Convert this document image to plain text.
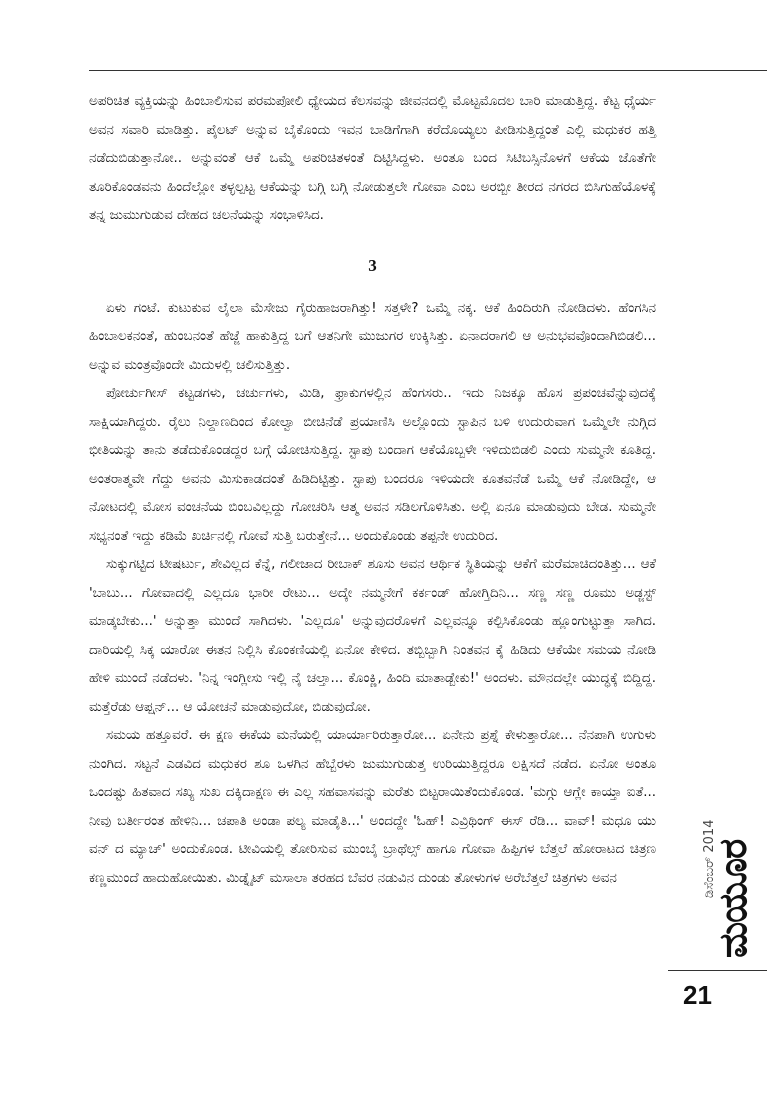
ಅಪರಿಚಿತ ವ್ಯಕ್ತಿಯನ್ನು ಹಿಂಬಾಲಿಸುವ ಪರಮಪೋಲಿ ಧ್ಯೇಯದ ಕೆಲಸವನ್ನು ಜೀವನದಲ್ಲಿ ಮೊಟ್ಟಮೊದಲ ಬಾರಿ ಮಾಡುತ್ತಿದ್ದ. ಕೆಟ್ಟ ಧೈರ್ಯ ಅವನ ಸವಾರಿ ಮಾಡಿತ್ತು. ಪೈಲಟ್ ಅನ್ನುವ ಬೈಕೊಂದು ಇವನ ಬಾಡಿಗೆಗಾಗಿ ಕರೆದೊಯ್ಯಲು ಪೀಡಿಸುತ್ತಿದ್ದಂತೆ ಎಲ್ಲಿ ಮಧುಕರ ಹತ್ತಿ ನಡೆದುಬಿಡುತ್ತಾನೋ.. ಅನ್ನುವಂತೆ ಆಕೆ ಒಮ್ಮೆ ಅಪರಿಚಿತಳಂತೆ ದಿಟ್ಟಿಸಿದ್ದಳು. ಅಂತೂ ಬಂದ ಸಿಟಿಬಸ್ಸಿನೊಳಗೆ ಆಕೆಯ ಜೊತೆಗೇ ತೂರಿಕೊಂಡವನು ಹಿಂದೆಲ್ಲೋ ತಳ್ಳಲ್ಪಟ್ಟ ಆಕೆಯನ್ನು ಬಗ್ಗಿ ಬಗ್ಗಿ ನೋಡುತ್ತಲೇ ಗೋವಾ ಎಂಬ ಅರಬ್ಬೀ ತೀರದ ನಗರದ ಬಿಸಿಗುಹೆಯೊಳಕ್ಕೆ ತನ್ನ ಜುಮುಗುಡುವ ದೇಹದ ಚಲನೆಯನ್ನು ಸಂಭಾಳಿಸಿದ.

3

ಏಳು ಗಂಟೆ. ಕುಟುಕುವ ಲೈಲಾ ಮೆಸೇಜು ಗೈರುಹಾಜರಾಗಿತ್ತು! ಸತ್ತಳೇ? ಒಮ್ಮೆ ನಕ್ಕ. ಆಕೆ ಹಿಂದಿರುಗಿ ನೋಡಿದಳು. ಹೆಂಗಸಿನ ಹಿಂಬಾಲಕನಂತೆ, ಹುಂಬನಂತೆ ಹೆಜ್ಜೆ ಹಾಕುತ್ತಿದ್ದ ಬಗೆ ಆತನಿಗೇ ಮುಜುಗರ ಉಕ್ಕಿಸಿತ್ತು. ಏನಾದರಾಗಲಿ ಆ ಅನುಭವವೊಂದಾಗಿಬಿಡಲಿ... ಅನ್ನುವ ಮಂತ್ರವೊಂದೇ ಮಿದುಳಲ್ಲಿ ಚಲಿಸುತ್ತಿತ್ತು.

ಪೋರ್ಚುಗೀಸ್ ಕಟ್ಟಡಗಳು, ಚರ್ಚುಗಳು, ಮಿಡಿ, ಫ್ರಾಕುಗಳಲ್ಲಿನ ಹೆಂಗಸರು.. ಇದು ನಿಜಕ್ಕೂ ಹೊಸ ಪ್ರಪಂಚವೆನ್ನುವುದಕ್ಕೆ ಸಾಕ್ಷಿಯಾಗಿದ್ದರು. ರೈಲು ನಿಲ್ದಾಣದಿಂದ ಕೋಲ್ವಾ ಬೀಚಿನೆಡೆ ಪ್ರಯಾಣಿಸಿ ಅಲ್ಲೊಂದು ಸ್ಟಾಪಿನ ಬಳಿ ಉದುರುವಾಗ ಒಮ್ಮೆಲೇ ನುಗ್ಗಿದ ಭೀತಿಯನ್ನು ತಾನು ತಡೆದುಕೊಂಡದ್ದರ ಬಗ್ಗೆ ಯೋಚಿಸುತ್ತಿದ್ದ. ಸ್ಟಾಪು ಬಂದಾಗ ಆಕೆಯೊಬ್ಬಳೇ ಇಳಿದುಬಿಡಲಿ ಎಂದು ಸುಮ್ಮನೇ ಕೂತಿದ್ದ. ಅಂತರಾತ್ಮವೇ ಗೆದ್ದು ಅವನು ಮಿಸುಕಾಡದಂತೆ ಹಿಡಿದಿಟ್ಟಿತ್ತು. ಸ್ಟಾಪು ಬಂದರೂ ಇಳಿಯದೇ ಕೂತವನೆಡೆ ಒಮ್ಮೆ ಆಕೆ ನೋಡಿದ್ದೇ, ಆ ನೋಟದಲ್ಲಿ ಮೋಸ ವಂಚನೆಯ ಬಿಂಬವಿಲ್ಲದ್ದು ಗೋಚರಿಸಿ ಆತ್ಮ ಅವನ ಸಡಿಲಗೊಳಿಸಿತು. ಅಲ್ಲಿ ಏನೂ ಮಾಡುವುದು ಬೇಡ. ಸುಮ್ಮನೇ ಸಭ್ಯನಂತೆ ಇದ್ದು ಕಡಿಮೆ ಖರ್ಚಿನಲ್ಲಿ ಗೋವೆ ಸುತ್ತಿ ಬರುತ್ತೇನೆ... ಅಂದುಕೊಂಡು ತಪ್ಪನೇ ಉದುರಿದ.

ಸುಕ್ಕುಗಟ್ಟಿದ ಟೀಷರ್ಟು, ಶೇವಿಲ್ಲದ ಕೆನ್ನೆ, ಗಲೀಜಾದ ರೀಬಾಕ್ ಶೂಸು ಅವನ ಆರ್ಥಿಕ ಸ್ಥಿತಿಯನ್ನು ಆಕೆಗೆ ಮರೆಮಾಚಿದಂತಿತ್ತು... ಆಕೆ 'ಬಾಬು... ಗೋವಾದಲ್ಲಿ ಎಲ್ಲದೂ ಭಾರೀ ರೇಟು... ಅದ್ಕೇ ನಮ್ಮನೇಗೆ ಕರ್ಕಂಡ್ ಹೋಗ್ತಿದಿನಿ... ಸಣ್ಣ ಸಣ್ಣ ರೂಮು ಅಡ್ಜಸ್ಟ್ ಮಾಡ್ಕಬೇಕು...' ಅನ್ನುತ್ತಾ ಮುಂದೆ ಸಾಗಿದಳು. 'ಎಲ್ಲದೂ' ಅನ್ನುವುದರೊಳಗೆ ಎಲ್ಲವನ್ನೂ ಕಲ್ಪಿಸಿಕೊಂಡು ಹ್ಲೂಂಗುಟ್ಟುತ್ತಾ ಸಾಗಿದ. ದಾರಿಯಲ್ಲಿ ಸಿಕ್ಕ ಯಾರೋ ಈತನ ನಿಲ್ಲಿಸಿ ಕೊಂಕಣಿಯಲ್ಲಿ ಏನೋ ಕೇಳಿದ. ತಬ್ಬಿಬ್ಬಾಗಿ ನಿಂತವನ ಕೈ ಹಿಡಿದು ಆಕೆಯೇ ಸಮಯ ನೋಡಿ ಹೇಳಿ ಮುಂದೆ ನಡೆದಳು. 'ನಿನ್ನ ಇಂಗ್ಲೀಸು ಇಲ್ಲಿ ನೈ ಚಲ್ತಾ... ಕೊಂಕ್ಣಿ, ಹಿಂದಿ ಮಾತಾಡ್ಬೇಕು!' ಅಂದಳು. ಮೌನದಲ್ಲೇ ಯುದ್ಧಕ್ಕೆ ಬಿದ್ದಿದ್ದ. ಮತ್ತೆರೆಡು ಆಪ್ಷನ್... ಆ ಯೋಚನೆ ಮಾಡುವುದೋ, ಬಿಡುವುದೋ.

ಸಮಯ ಹತ್ತೂವರೆ. ಈ ಕ್ಷಣ ಈಕೆಯ ಮನೆಯಲ್ಲಿ ಯಾರ್ಯಾರಿರುತ್ತಾರೋ... ಏನೇನು ಪ್ರಶ್ನೆ ಕೇಳುತ್ತಾರೋ... ನೆನಪಾಗಿ ಉಗುಳು ನುಂಗಿದ. ಸಟ್ಟನೆ ಎಡವಿದ ಮಧುಕರ ಶೂ ಒಳಗಿನ ಹೆಬ್ಬೆರಳು ಜುಮುಗುಡುತ್ತ ಉರಿಯುತ್ತಿದ್ದರೂ ಲಕ್ಷಿಸದೆ ನಡೆದ. ಏನೋ ಅಂತೂ ಒಂದಷ್ಟು ಹಿತವಾದ ಸಖ್ಯ ಸುಖ ದಕ್ಕಿದಾಕ್ಷಣ ಈ ಎಲ್ಲ ಸಹವಾಸವನ್ನು ಮರೆತು ಬಿಟ್ಟರಾಯಿತೆಂದುಕೊಂಡ. 'ಮಗ್ಗು ಆಗ್ಲೇ ಕಾಯ್ತಾ ಐತೆ... ನೀವು ಬರ್ತೀರಂತ ಹೇಳಿನಿ... ಚಪಾತಿ ಅಂಡಾ ಪಲ್ಯ ಮಾಡೈತಿ...' ಅಂದದ್ದೇ 'ಓಹ್! ಎವ್ರಿಥಿಂಗ್ ಈಸ್ ರೆಡಿ... ವಾವ್! ಮಧೂ ಯು ವನ್ ದ ಮ್ಯಾಚ್' ಅಂದುಕೊಂಡ. ಟೀವಿಯಲ್ಲಿ ತೋರಿಸುವ ಮುಂಬೈ ಬ್ರಾಥೆಲ್ಸ್ ಹಾಗೂ ಗೋವಾ ಹಿಪ್ಪಿಗಳ ಬೆತ್ತಲೆ ಹೋರಾಟದ ಚಿತ್ರಣ ಕಣ್ಣಮುಂದೆ ಹಾದುಹೋಯಿತು. ಮಿಡ್ನೈಟ್ ಮಸಾಲಾ ತರಹದ ಬೆವರ ನಡುವಿನ ದುಂಡು ತೋಳುಗಳ ಅರೆಬೆತ್ತಲೆ ಚಿತ್ರಗಳು ಅವನ	ಮಯೂರ
ಡಿಸೆಂಬರ್ 2014
21
